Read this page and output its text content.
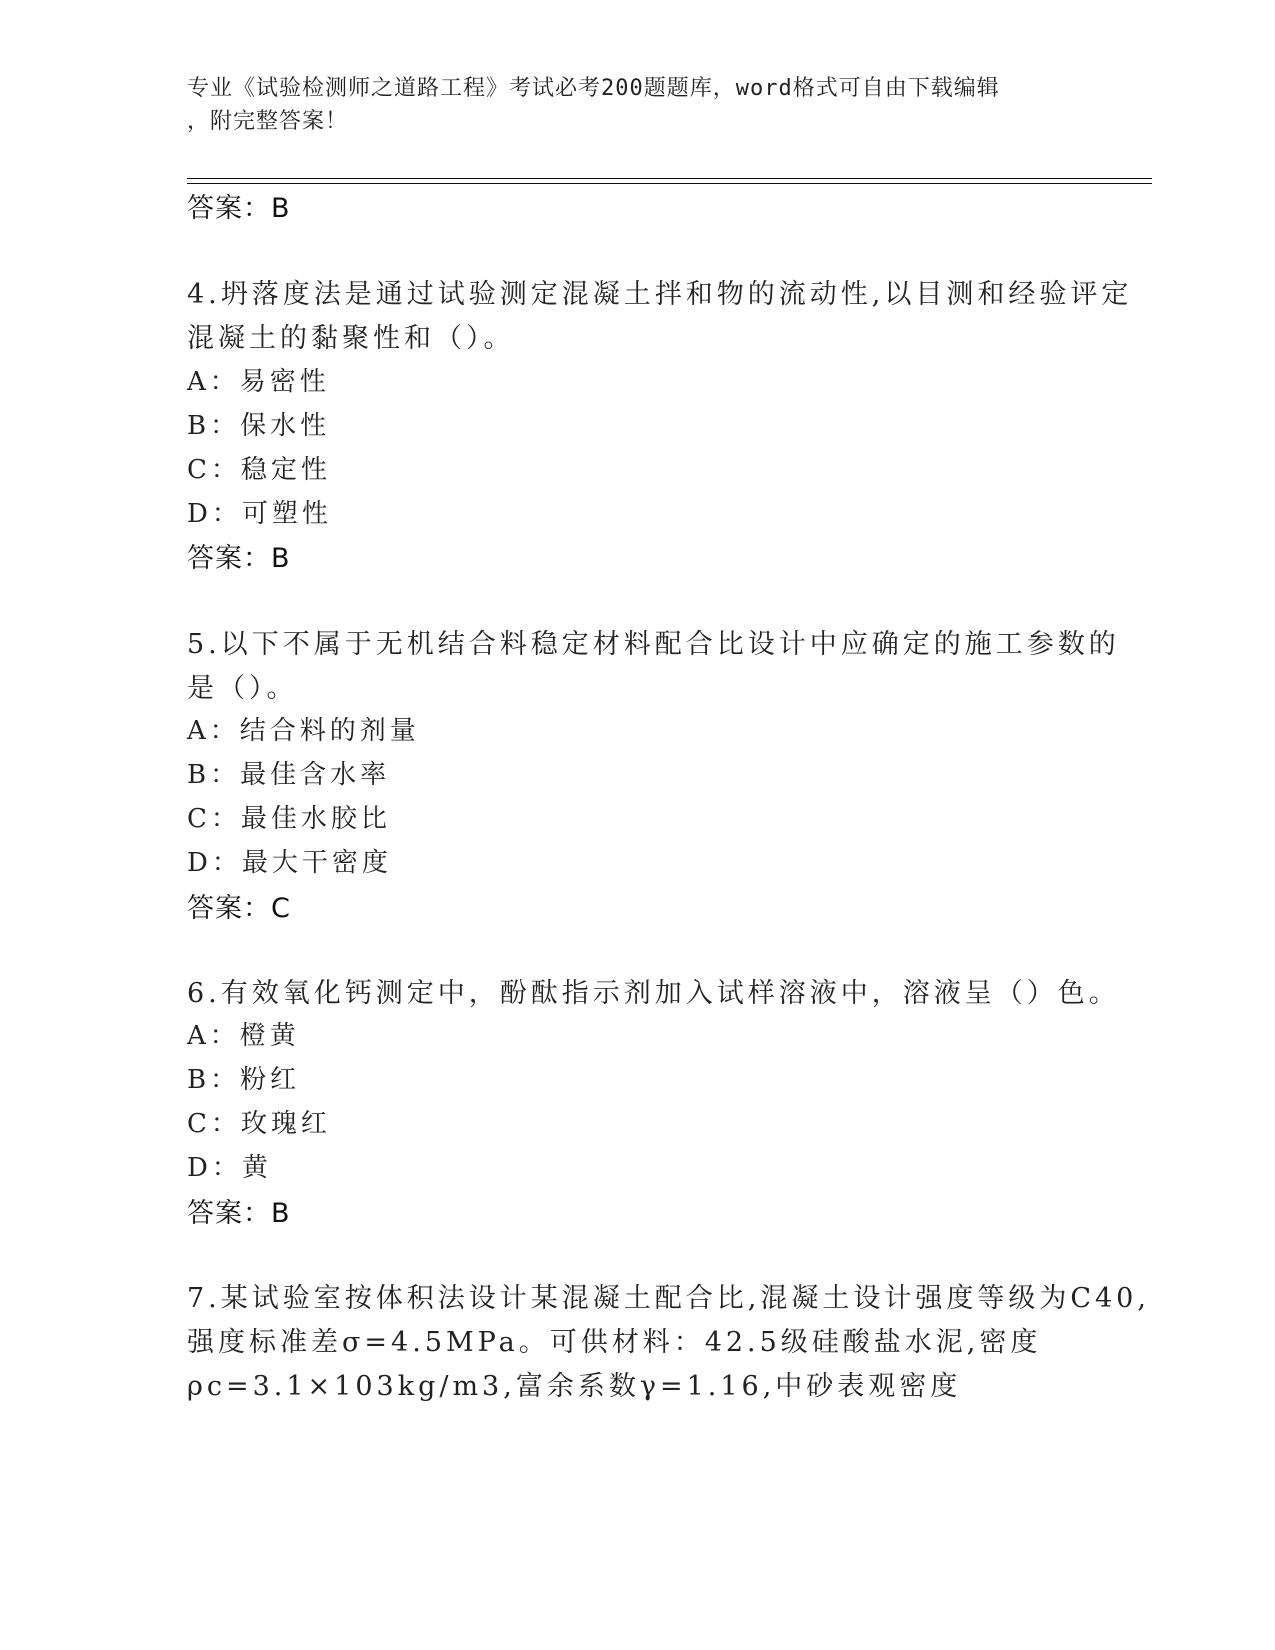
专业《试验检测师之道路工程》考试必考200题题库，word格式可自由下载编辑
，附完整答案！
答案：B
4.坍落度法是通过试验测定混凝土拌和物的流动性,以目测和经验评定
混凝土的黏聚性和（）。
A：易密性
B：保水性
C：稳定性
D：可塑性
答案：B
5.以下不属于无机结合料稳定材料配合比设计中应确定的施工参数的
是（）。
A：结合料的剂量
B：最佳含水率
C：最佳水胶比
D：最大干密度
答案：C
6.有效氧化钙测定中，酚酞指示剂加入试样溶液中，溶液呈（）色。
A：橙黄
B：粉红
C：玫瑰红
D：黄
答案：B
7.某试验室按体积法设计某混凝土配合比,混凝土设计强度等级为C40,
强度标准差σ=4.5MPa。可供材料：42.5级硅酸盐水泥,密度
ρc=3.1×103kg/m3,富余系数γ=1.16,中砂表观密度
